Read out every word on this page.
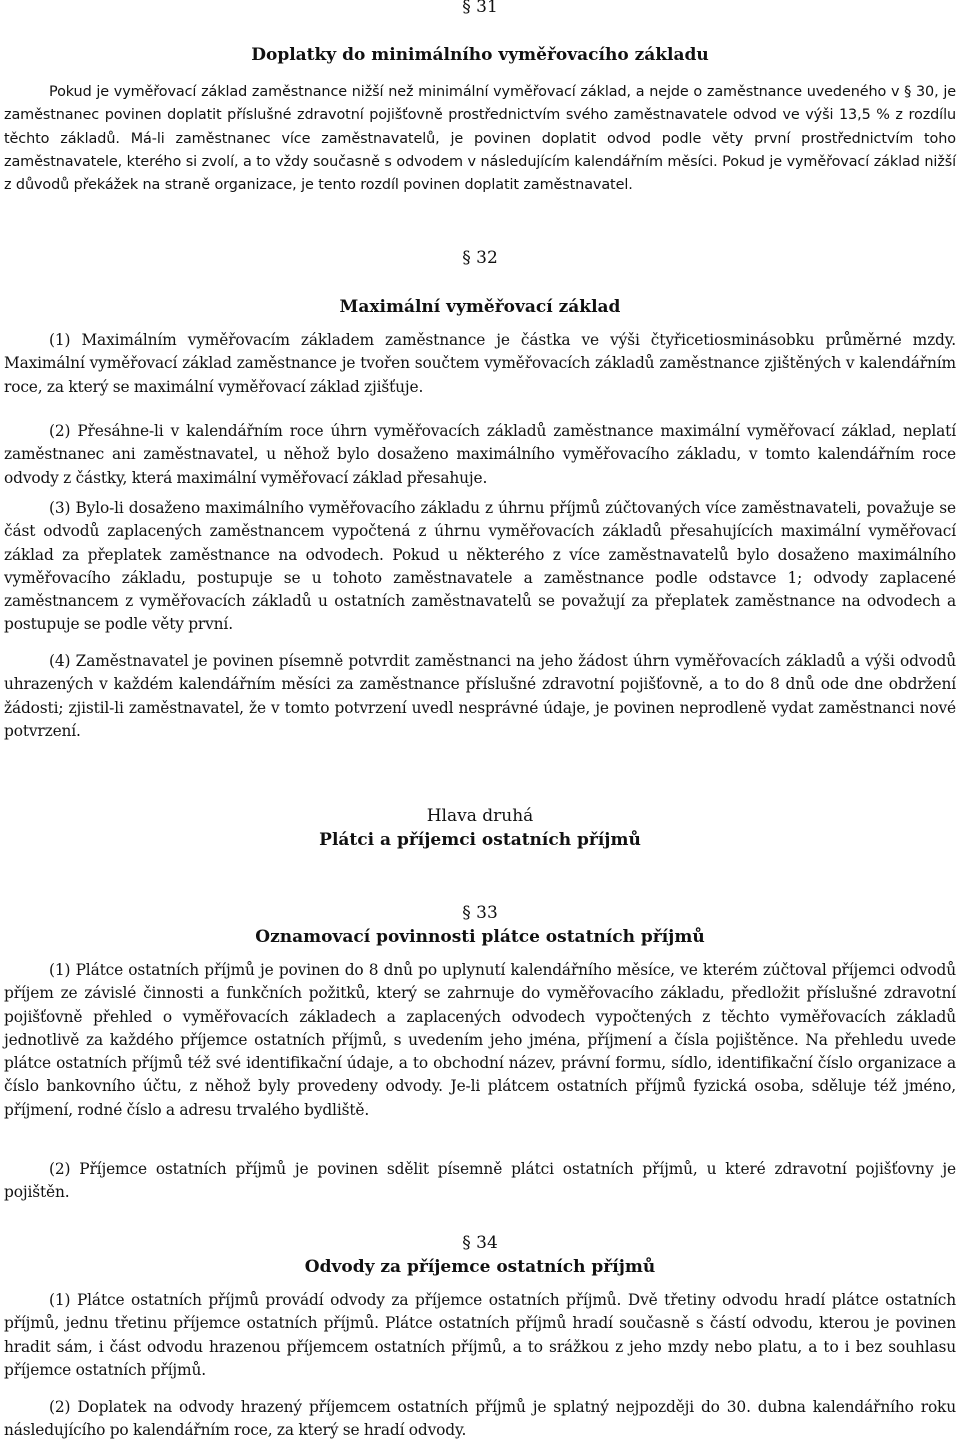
§ 31

Doplatky do minimálního vyměřovacího základu

Pokud je vyměřovací základ zaměstnance nižší než minimální vyměřovací základ, a nejde o zaměstnance uvedeného v § 30, je zaměstnanec povinen doplatit příslušné zdravotní pojišťovně prostřednictvím svého zaměstnavatele odvod ve výši 13,5 % z rozdílu těchto základů. Má-li zaměstnanec více zaměstnavatelů, je povinen doplatit odvod podle věty první prostřednictvím toho zaměstnavatele, kterého si zvolí, a to vždy současně s odvodem v následujícím kalendářním měsíci. Pokud je vyměřovací základ nižší z důvodů překážek na straně organizace, je tento rozdíl povinen doplatit zaměstnavatel.

§ 32

Maximální vyměřovací základ

(1) Maximálním vyměřovacím základem zaměstnance je částka ve výši čtyřicetiosminásobku průměrné mzdy. Maximální vyměřovací základ zaměstnance je tvořen součtem vyměřovacích základů zaměstnance zjištěných v kalendářním roce, za který se maximální vyměřovací základ zjišťuje.

(2) Přesáhne-li v kalendářním roce úhrn vyměřovacích základů zaměstnance maximální vyměřovací základ, neplatí zaměstnanec ani zaměstnavatel, u něhož bylo dosaženo maximálního vyměřovacího základu, v tomto kalendářním roce odvody z částky, která maximální vyměřovací základ přesahuje.

(3) Bylo-li dosaženo maximálního vyměřovacího základu z úhrnu příjmů zúčtovaných více zaměstnavateli, považuje se část odvodů zaplacených zaměstnancem vypočtená z úhrnu vyměřovacích základů přesahujících maximální vyměřovací základ za přeplatek zaměstnance na odvodech. Pokud u některého z více zaměstnavatelů bylo dosaženo maximálního vyměřovacího základu, postupuje se u tohoto zaměstnavatele a zaměstnance podle odstavce 1; odvody zaplacené zaměstnancem z vyměřovacích základů u ostatních zaměstnavatelů se považují za přeplatek zaměstnance na odvodech a postupuje se podle věty první.

(4) Zaměstnavatel je povinen písemně potvrdit zaměstnanci na jeho žádost úhrn vyměřovacích základů a výši odvodů uhrazených v každém kalendářním měsíci za zaměstnance příslušné zdravotní pojišťovně, a to do 8 dnů ode dne obdržení žádosti; zjistil-li zaměstnavatel, že v tomto potvrzení uvedl nesprávné údaje, je povinen neprodleně vydat zaměstnanci nové potvrzení.

Hlava druhá

Plátci a příjemci ostatních příjmů

§ 33

Oznamovací povinnosti plátce ostatních příjmů

(1) Plátce ostatních příjmů je povinen do 8 dnů po uplynutí kalendářního měsíce, ve kterém zúčtoval příjemci odvodů příjem ze závislé činnosti a funkčních požitků, který se zahrnuje do vyměřovacího základu, předložit příslušné zdravotní pojišťovně přehled o vyměřovacích základech a zaplacených odvodech vypočtených z těchto vyměřovacích základů jednotlivě za každého příjemce ostatních příjmů, s uvedením jeho jména, příjmení a čísla pojištěnce. Na přehledu uvede plátce ostatních příjmů též své identifikační údaje, a to obchodní název, právní formu, sídlo, identifikační číslo organizace a číslo bankovního účtu, z něhož byly provedeny odvody. Je-li plátcem ostatních příjmů fyzická osoba, sděluje též jméno, příjmení, rodné číslo a adresu trvalého bydliště.

(2) Příjemce ostatních příjmů je povinen sdělit písemně plátci ostatních příjmů, u které zdravotní pojišťovny je pojištěn.

§ 34

Odvody za příjemce ostatních příjmů

(1) Plátce ostatních příjmů provádí odvody za příjemce ostatních příjmů. Dvě třetiny odvodu hradí plátce ostatních příjmů, jednu třetinu příjemce ostatních příjmů. Plátce ostatních příjmů hradí současně s částí odvodu, kterou je povinen hradit sám, i část odvodu hrazenou příjemcem ostatních příjmů, a to srážkou z jeho mzdy nebo platu, a to i bez souhlasu příjemce ostatních příjmů.

(2) Doplatek na odvody hrazený příjemcem ostatních příjmů je splatný nejpozději do 30. dubna kalendářního roku následujícího po kalendářním roce, za který se hradí odvody.
